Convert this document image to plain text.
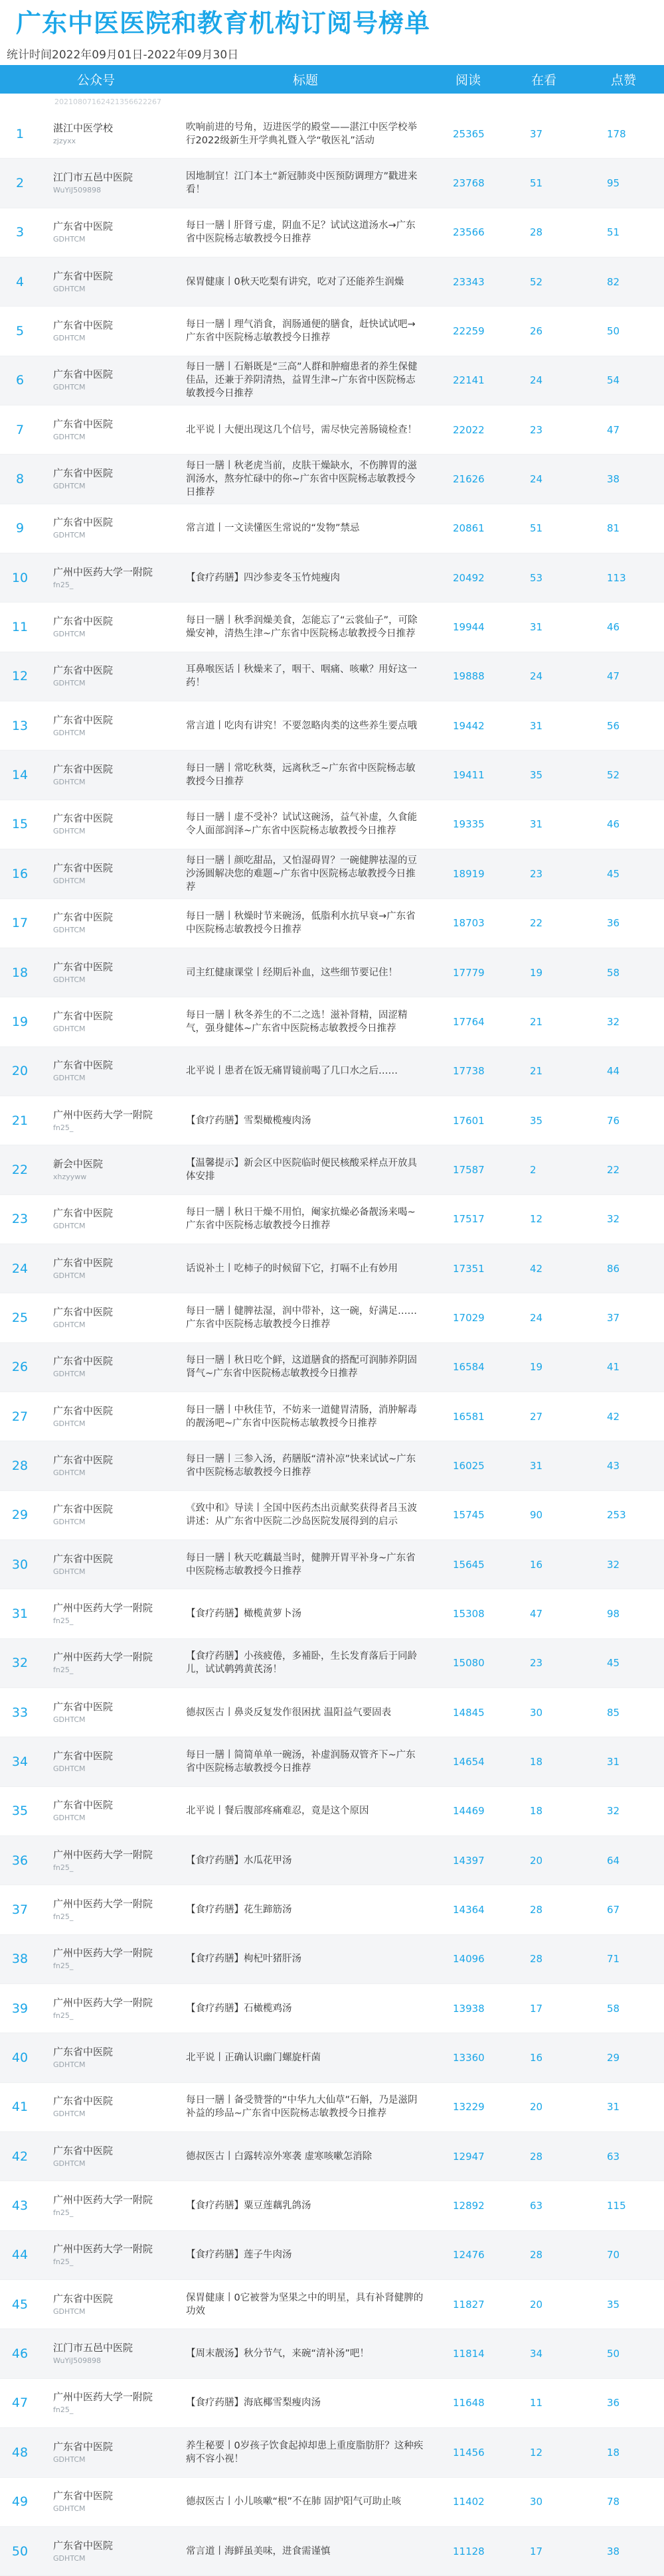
广东中医医院和教育机构订阅号榜单
统计时间2022年09月01日-2022年09月30日
公众号	标题	阅读	在看	点赞
20210807162421356622267
1	湛江中医学校
zjzyxx
吹响前进的号角，迈进医学的殿堂——湛江中医学校举行2022级新生开学典礼暨入学“敬医礼”活动
25365	37	178
2	江门市五邑中医院
WuYiJ509898
因地制宜！江门本土“新冠肺炎中医预防调理方”戳进来看！
23768	51	95
3	广东省中医院
GDHTCM
每日一膳丨肝肾亏虚，阴血不足？试试这道汤水→广东省中医院杨志敏教授今日推荐
23566	28	51
4	广东省中医院
GDHTCM
保胃健康丨0秋天吃梨有讲究，吃对了还能养生润燥	23343	52	82
5	广东省中医院
GDHTCM
每日一膳丨理气消食，润肠通便的膳食，赶快试试吧→广东省中医院杨志敏教授今日推荐
22259	26	50
6	广东省中医院
GDHTCM
每日一膳丨石斛既是“三高”人群和肿瘤患者的养生保健佳品，还兼于养阴清热，益胃生津~广东省中医院杨志敏教授今日推荐
22141	24	54
7	广东省中医院
GDHTCM
北平说丨大便出现这几个信号，需尽快完善肠镜检查！	22022	23	47
8	广东省中医院
GDHTCM
每日一膳丨秋老虎当前，皮肤干燥缺水，不伤脾胃的滋润汤水，熬夯忙碌中的你~广东省中医院杨志敏教授今日推荐
21626	24	38
9	广东省中医院
GDHTCM
常言道丨一文读懂医生常说的“发物”禁忌	20861	51	81
10	广州中医药大学一附院
fn25_
【食疗药膳】四沙参麦冬玉竹炖瘦肉	20492	53	113
11	广东省中医院
GDHTCM
每日一膳丨秋季润燥美食，怎能忘了“云裳仙子”，可除燥安神，清热生津~广东省中医院杨志敏教授今日推荐
19944	31	46
12	广东省中医院
GDHTCM
耳鼻喉医话丨秋燥来了，咽干、咽痛、咳嗽？用好这一药！
19888	24	47
13	广东省中医院
GDHTCM
常言道丨吃肉有讲究！不要忽略肉类的这些养生要点哦	19442	31	56
14	广东省中医院
GDHTCM
每日一膳丨常吃秋葵，远离秋乏~广东省中医院杨志敏教授今日推荐
19411	35	52
15	广东省中医院
GDHTCM
每日一膳丨虚不受补？试试这碗汤，益气补虚，久食能令人面部润泽~广东省中医院杨志敏教授今日推荐
19335	31	46
16	广东省中医院
GDHTCM
每日一膳丨颜吃甜品，又怕湿碍胃？一碗健脾祛湿的豆沙汤圆解决您的难题~广东省中医院杨志敏教授今日推荐
18919	23	45
17	广东省中医院
GDHTCM
每日一膳丨秋燥时节来碗汤，低脂利水抗早衰→广东省中医院杨志敏教授今日推荐
18703	22	36
18	广东省中医院
GDHTCM
司主红健康课堂丨经期后补血，这些细节要记住！	17779	19	58
19	广东省中医院
GDHTCM
每日一膳丨秋冬养生的不二之选！滋补肾精，固涩精气，强身健体~广东省中医院杨志敏教授今日推荐
17764	21	32
20	广东省中医院
GDHTCM
北平说丨患者在饭无痛胃镜前喝了几口水之后……	17738	21	44
21	广州中医药大学一附院
fn25_
【食疗药膳】雪梨橄榄瘦肉汤	17601	35	76
22	新会中医院
xhzyyww
【温馨提示】新会区中医院临时便民核酸采样点开放具体安排
17587	2	22
23	广东省中医院
GDHTCM
每日一膳丨秋日干燥不用怕，阉家抗燥必备靓汤来喝~广东省中医院杨志敏教授今日推荐
17517	12	32
24	广东省中医院
GDHTCM
话说补土丨吃柿子的时候留下它，打嗝不止有妙用	17351	42	86
25	广东省中医院
GDHTCM
每日一膳丨健脾祛湿，润中带补，这一碗，好满足……广东省中医院杨志敏教授今日推荐
17029	24	37
26	广东省中医院
GDHTCM
每日一膳丨秋日吃个鲜，这道膳食的搭配可润肺养阴固肾气~广东省中医院杨志敏教授今日推荐
16584	19	41
27	广东省中医院
GDHTCM
每日一膳丨中秋佳节，不妨来一道健胃清肠，消肿解毒的靓汤吧~广东省中医院杨志敏教授今日推荐
16581	27	42
28	广东省中医院
GDHTCM
每日一膳丨三参入汤，药膳版“清补凉”快来试试~广东省中医院杨志敏教授今日推荐
16025	31	43
29	广东省中医院
GDHTCM
《致中和》导读丨全国中医药杰出贡献奖获得者吕玉波讲述：从广东省中医院二沙岛医院发展得到的启示
15745	90	253
30	广东省中医院
GDHTCM
每日一膳丨秋天吃藕最当时，健脾开胃平补身~广东省中医院杨志敏教授今日推荐
15645	16	32
31	广州中医药大学一附院
fn25_
【食疗药膳】橄榄黄萝卜汤	15308	47	98
32	广州中医药大学一附院
fn25_
【食疗药膳】小孩疲倦，多補卧，生长发育落后于同龄儿，试试鹌鹑黄芪汤！
15080	23	45
33	广东省中医院
GDHTCM
德叔医古丨鼻炎反复发作很困扰 温阳益气要固表	14845	30	85
34	广东省中医院
GDHTCM
每日一膳丨简简单单一碗汤，补虚润肠双管齐下~广东省中医院杨志敏教授今日推荐
14654	18	31
35	广东省中医院
GDHTCM
北平说丨餐后腹部疼痛难忍，竟是这个原因	14469	18	32
36	广州中医药大学一附院
fn25_
【食疗药膳】水瓜花甲汤	14397	20	64
37	广州中医药大学一附院
fn25_
【食疗药膳】花生蹄筋汤	14364	28	67
38	广州中医药大学一附院
fn25_
【食疗药膳】枸杞叶猪肝汤	14096	28	71
39	广州中医药大学一附院
fn25_
【食疗药膳】石橄榄鸡汤	13938	17	58
40	广东省中医院
GDHTCM
北平说丨正确认识幽门螺旋杆菌	13360	16	29
41	广东省中医院
GDHTCM
每日一膳丨备受赞誉的“中华九大仙草”石斛，乃是滋阴补益的珍品~广东省中医院杨志敏教授今日推荐
13229	20	31
42	广东省中医院
GDHTCM
德叔医古丨白露转凉外寒袭 虚寒咳嗽怎消除	12947	28	63
43	广州中医药大学一附院
fn25_
【食疗药膳】粟豆莲藕乳鸽汤	12892	63	115
44	广州中医药大学一附院
fn25_
【食疗药膳】莲子牛肉汤	12476	28	70
45	广东省中医院
GDHTCM
保胃健康丨0它被誉为坚果之中的明星，具有补肾健脾的功效
11827	20	35
46	江门市五邑中医院
WuYiJ509898
【周末靓汤】秋分节气，来碗“清补汤”吧！	11814	34	50
47	广州中医药大学一附院
fn25_
【食疗药膳】海底椰雪梨瘦肉汤	11648	11	36
48	广东省中医院
GDHTCM
养生秘要丨0岁孩子饮食起掉却患上重度脂肪肝？这种疾病不容小视！
11456	12	18
49	广东省中医院
GDHTCM
德叔医古丨小儿咳嗽“根”不在肺 固护阳气可助止咳	11402	30	78
50	广东省中医院
GDHTCM
常言道丨海鲜虽美味，进食需谨慎	11128	17	38
